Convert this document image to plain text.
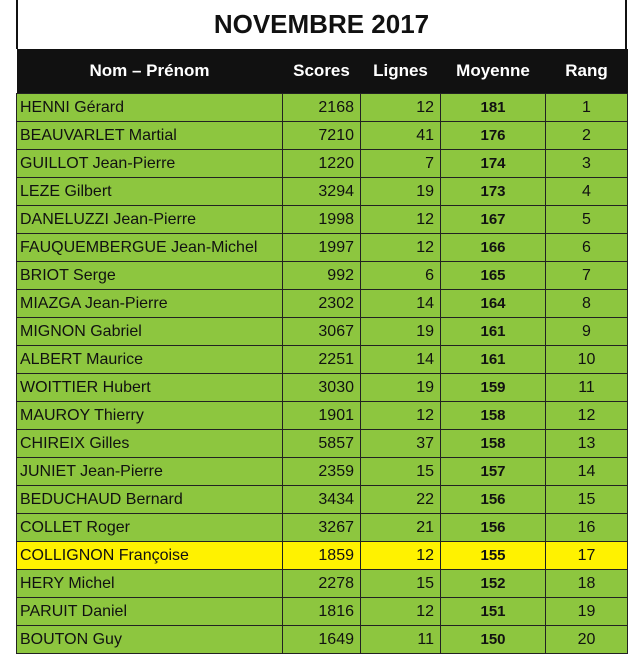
NOVEMBRE 2017
Nom – Prénom	Scores	Lignes	Moyenne	Rang
HENNI Gérard	2168	12	181	1
BEAUVARLET Martial	7210	41	176	2
GUILLOT Jean-Pierre	1220	7	174	3
LEZE Gilbert	3294	19	173	4
DANELUZZI Jean-Pierre	1998	12	167	5
FAUQUEMBERGUE Jean-Michel	1997	12	166	6
BRIOT Serge	992	6	165	7
MIAZGA Jean-Pierre	2302	14	164	8
MIGNON Gabriel	3067	19	161	9
ALBERT Maurice	2251	14	161	10
WOITTIER Hubert	3030	19	159	11
MAUROY Thierry	1901	12	158	12
CHIREIX Gilles	5857	37	158	13
JUNIET Jean-Pierre	2359	15	157	14
BEDUCHAUD Bernard	3434	22	156	15
COLLET Roger	3267	21	156	16
COLLIGNON Françoise	1859	12	155	17
HERY Michel	2278	15	152	18
PARUIT Daniel	1816	12	151	19
BOUTON Guy	1649	11	150	20
